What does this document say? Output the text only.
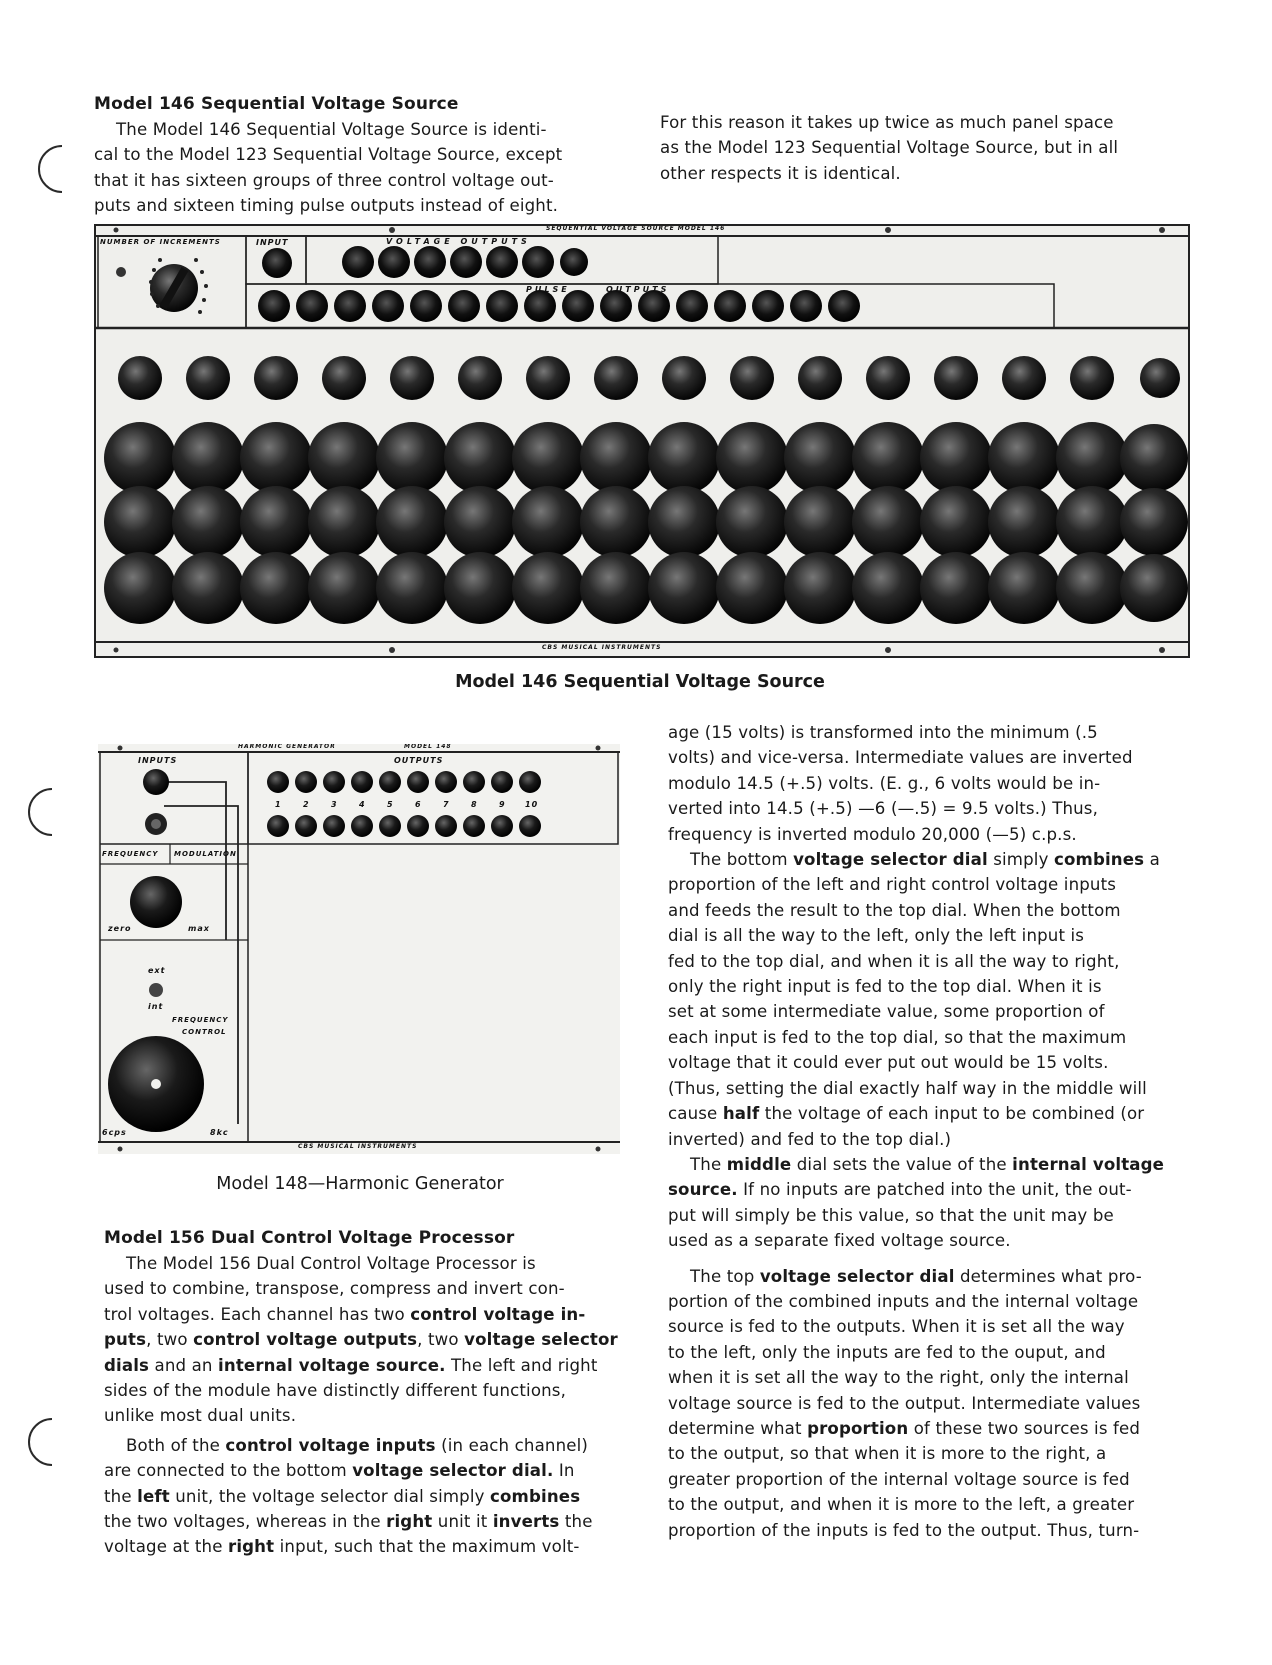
Model 146 Sequential Voltage Source

The Model 146 Sequential Voltage Source is identi-

cal to the Model 123 Sequential Voltage Source, except

that it has sixteen groups of three control voltage out-

puts and sixteen timing pulse outputs instead of eight.

For this reason it takes up twice as much panel space

as the Model 123 Sequential Voltage Source, but in all

other respects it is identical.

SEQUENTIAL VOLTAGE SOURCE MODEL 146
NUMBER OF INCREMENTS	INPUT	VOLTAGE OUTPUTS
PULSE	OUTPUTS
CBS MUSICAL INSTRUMENTS
Model 146 Sequential Voltage Source
HARMONIC GENERATOR	MODEL 148
INPUTS	OUTPUTS
1	2	3	4	5	6	7	8	9 10
FREQUENCY MODULATION
zero	max
ext
int
FREQUENCY
CONTROL
6cps	8kc
CBS MUSICAL INSTRUMENTS
Model 148—Harmonic Generator
Model 156 Dual Control Voltage Processor

The Model 156 Dual Control Voltage Processor is

used to combine, transpose, compress and invert con-

trol voltages. Each channel has two control voltage in-

puts, two control voltage outputs, two voltage selector

dials and an internal voltage source. The left and right

sides of the module have distinctly different functions,

unlike most dual units.

Both of the control voltage inputs (in each channel)

are connected to the bottom voltage selector dial. In

the left unit, the voltage selector dial simply combines

the two voltages, whereas in the right unit it inverts the

voltage at the right input, such that the maximum volt-

age (15 volts) is transformed into the minimum (.5

volts) and vice-versa. Intermediate values are inverted

modulo 14.5 (+.5) volts. (E. g., 6 volts would be in-

verted into 14.5 (+.5) —6 (—.5) = 9.5 volts.) Thus,

frequency is inverted modulo 20,000 (—5) c.p.s.

The bottom voltage selector dial simply combines a

proportion of the left and right control voltage inputs

and feeds the result to the top dial. When the bottom

dial is all the way to the left, only the left input is

fed to the top dial, and when it is all the way to right,

only the right input is fed to the top dial. When it is

set at some intermediate value, some proportion of

each input is fed to the top dial, so that the maximum

voltage that it could ever put out would be 15 volts.

(Thus, setting the dial exactly half way in the middle will

cause half the voltage of each input to be combined (or

inverted) and fed to the top dial.)

The middle dial sets the value of the internal voltage

source. If no inputs are patched into the unit, the out-

put will simply be this value, so that the unit may be

used as a separate fixed voltage source.

The top voltage selector dial determines what pro-

portion of the combined inputs and the internal voltage

source is fed to the outputs. When it is set all the way

to the left, only the inputs are fed to the ouput, and

when it is set all the way to the right, only the internal

voltage source is fed to the output. Intermediate values

determine what proportion of these two sources is fed

to the output, so that when it is more to the right, a

greater proportion of the internal voltage source is fed

to the output, and when it is more to the left, a greater

proportion of the inputs is fed to the output. Thus, turn-
